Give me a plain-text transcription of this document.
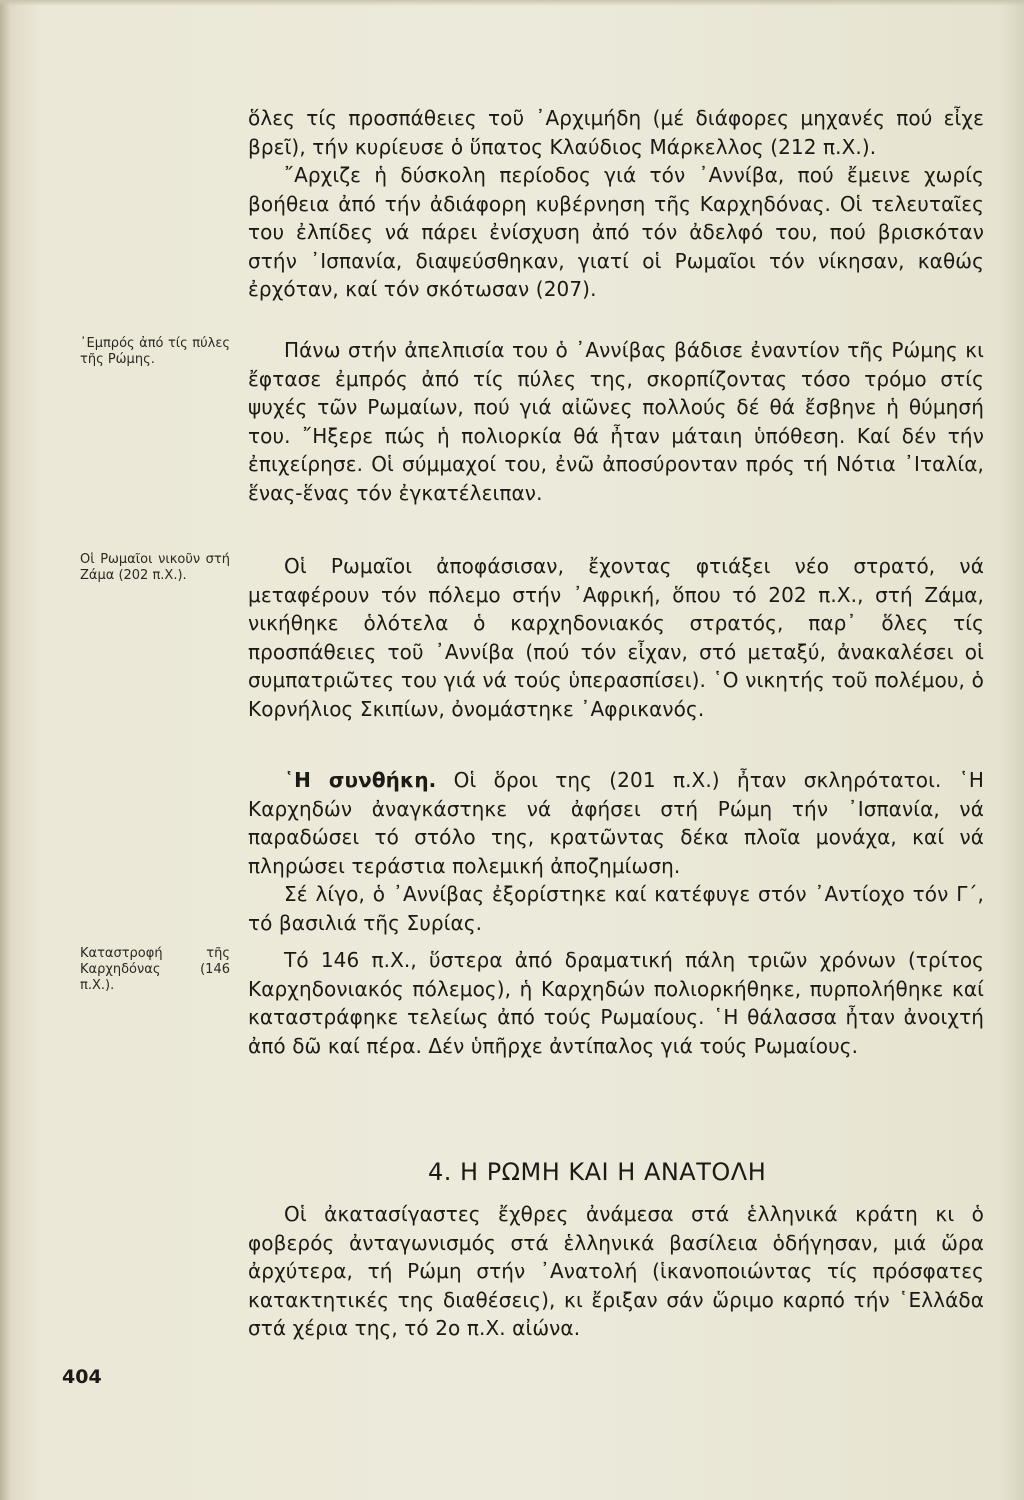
ὅλες τίς προσπάθειες τοῦ ᾿Αρχιμήδη (μέ διάφορες μηχανές πού εἶχε βρεῖ), τήν κυρίευσε ὁ ὕπατος Κλαύδιος Μάρκελλος (212 π.Χ.).

῎Αρχιζε ἡ δύσκολη περίοδος γιά τόν ᾿Αννίβα, πού ἔμεινε χωρίς βοήθεια ἀπό τήν ἀδιάφορη κυβέρνηση τῆς Καρχηδόνας. Οἱ τελευταῖες του ἐλπίδες νά πάρει ἐνίσχυση ἀπό τόν ἀδελφό του, πού βρισκόταν στήν ᾿Ισπανία, διαψεύσθηκαν, γιατί οἱ Ρωμαῖοι τόν νίκησαν, καθώς ἐρχόταν, καί τόν σκότωσαν (207).

᾿Εμπρός ἀπό τίς πύλες τῆς Ρώμης.	Πάνω στήν ἀπελπισία του ὁ ᾿Αννίβας βάδισε ἐναντίον τῆς Ρώμης κι ἔφτασε ἐμπρός ἀπό τίς πύλες της, σκορπίζοντας τόσο τρόμο στίς ψυχές τῶν Ρωμαίων, πού γιά αἰῶνες πολλούς δέ θά ἔσβηνε ἡ θύμησή του. ῎Ηξερε πώς ἡ πολιορκία θά ἦταν μάταιη ὑπόθεση. Καί δέν τήν ἐπιχείρησε. Οἱ σύμμαχοί του, ἐνῶ ἀποσύρονταν πρός τή Νότια ᾿Ιταλία, ἕνας-ἕνας τόν ἐγκατέλειπαν.

Οἱ Ρωμαῖοι νικοῦν στή Ζάμα (202 π.Χ.).	Οἱ Ρωμαῖοι ἀποφάσισαν, ἔχοντας φτιάξει νέο στρατό, νά μεταφέρουν τόν πόλεμο στήν ᾿Αφρική, ὅπου τό 202 π.Χ., στή Ζάμα, νικήθηκε ὁλότελα ὁ καρχηδονιακός στρατός, παρ᾿ ὅλες τίς προσπάθειες τοῦ ᾿Αννίβα (πού τόν εἶχαν, στό μεταξύ, ἀνακαλέσει οἱ συμπατριῶτες του γιά νά τούς ὑπερασπίσει). ῾Ο νικητής τοῦ πολέμου, ὁ Κορνήλιος Σκιπίων, ὀνομάστηκε ᾿Αφρικανός.

῾Η συνθήκη. Οἱ ὅροι της (201 π.Χ.) ἦταν σκληρότατοι. ῾Η Καρχηδών ἀναγκάστηκε νά ἀφήσει στή Ρώμη τήν ᾿Ισπανία, νά παραδώσει τό στόλο της, κρατῶντας δέκα πλοῖα μονάχα, καί νά πληρώσει τεράστια πολεμική ἀποζημίωση.

Σέ λίγο, ὁ ᾿Αννίβας ἐξορίστηκε καί κατέφυγε στόν ᾿Αντίοχο τόν Γ΄, τό βασιλιά τῆς Συρίας.

Καταστροφή τῆς Καρχηδόνας (146 π.Χ.).

Τό 146 π.Χ., ὕστερα ἀπό δραματική πάλη τριῶν χρόνων (τρίτος Καρχηδονιακός πόλεμος), ἡ Καρχηδών πολιορκήθηκε, πυρπολήθηκε καί καταστράφηκε τελείως ἀπό τούς Ρωμαίους. ῾Η θάλασσα ἦταν ἀνοιχτή ἀπό δῶ καί πέρα. Δέν ὑπῆρχε ἀντίπαλος γιά τούς Ρωμαίους.

4. Η ΡΩΜΗ ΚΑΙ Η ΑΝΑΤΟΛΗ

Οἱ ἀκατασίγαστες ἔχθρες ἀνάμεσα στά ἑλληνικά κράτη κι ὁ φοβερός ἀνταγωνισμός στά ἑλληνικά βασίλεια ὁδήγησαν, μιά ὥρα ἀρχύτερα, τή Ρώμη στήν ᾿Ανατολή (ἱκανοποιώντας τίς πρόσφατες κατακτητικές της διαθέσεις), κι ἔριξαν σάν ὥριμο καρπό τήν ῾Ελλάδα στά χέρια της, τό 2ο π.Χ. αἰώνα.

404
